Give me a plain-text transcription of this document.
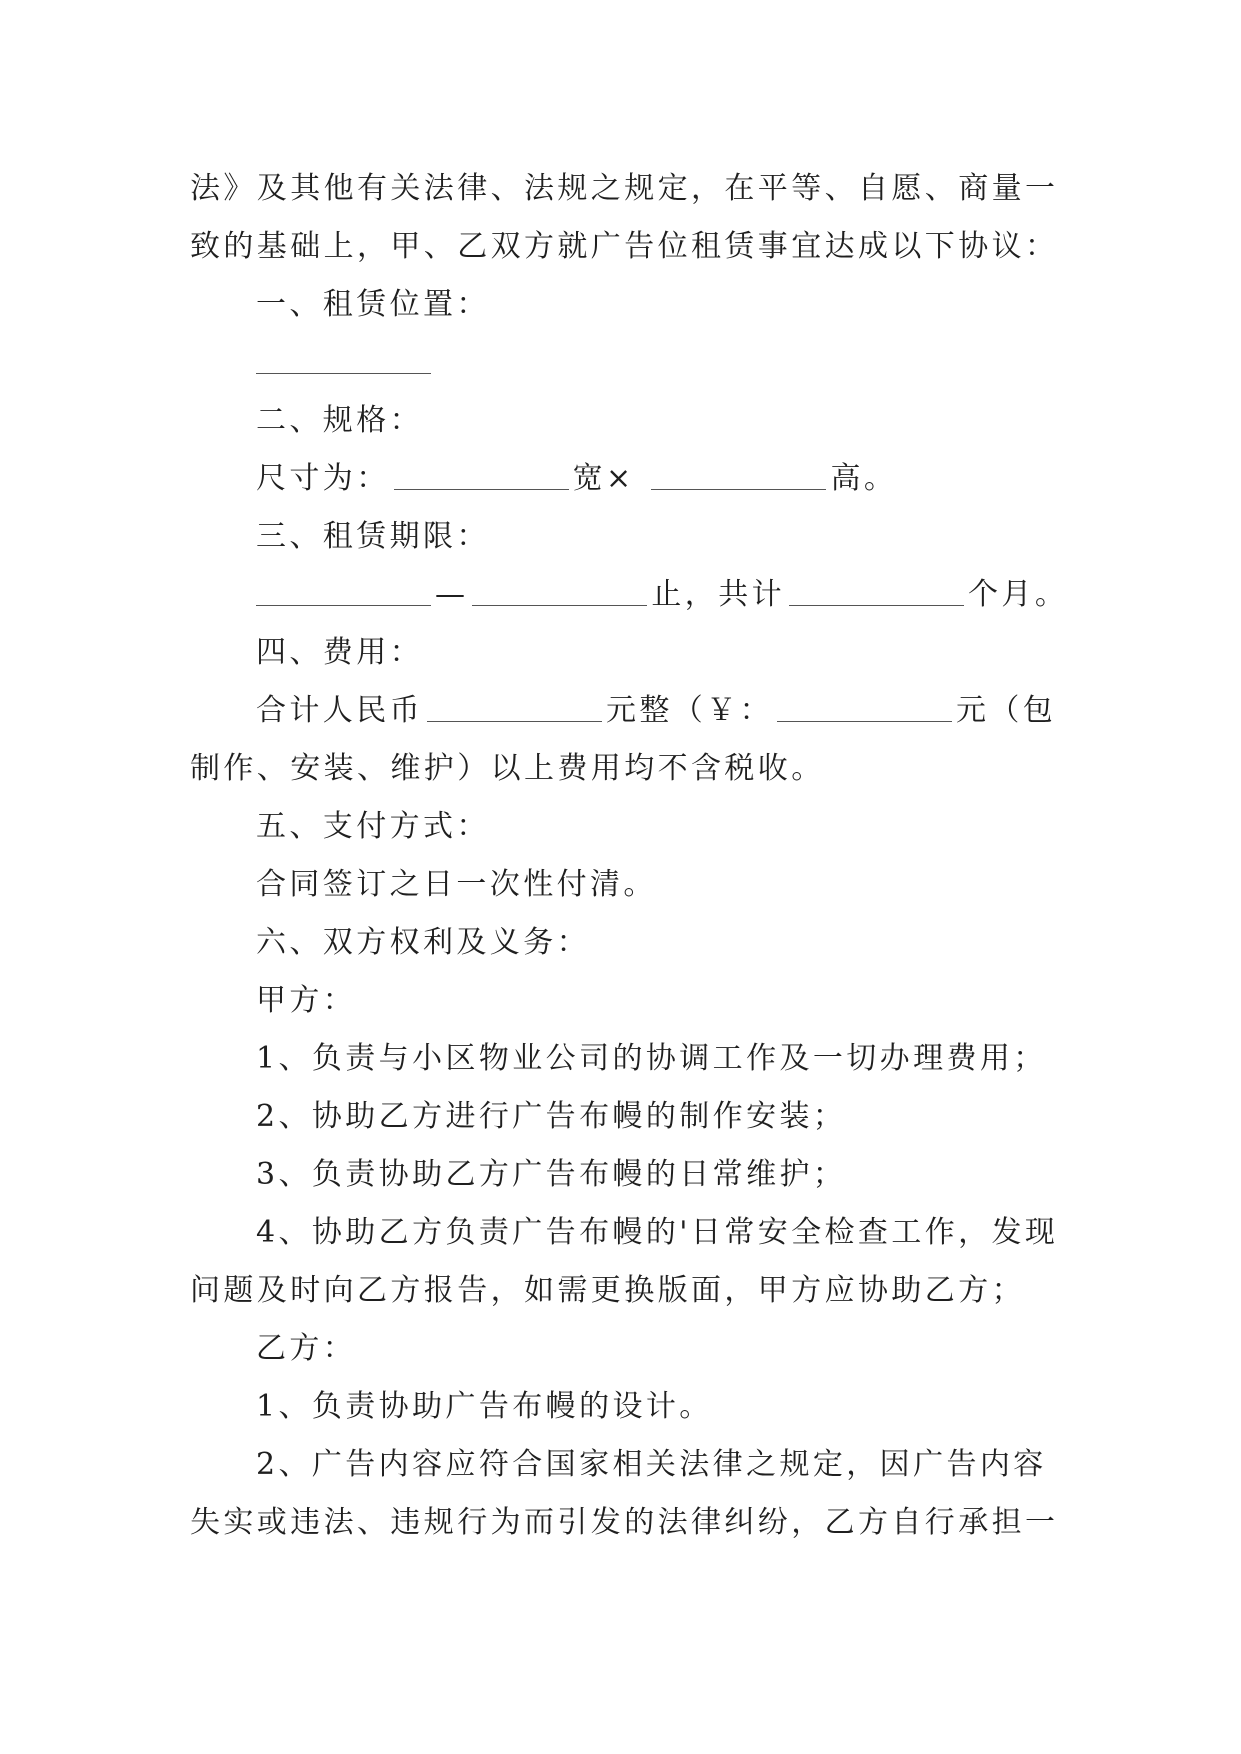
法》及其他有关法律、法规之规定，在平等、自愿、商量一
致的基础上，甲、乙双方就广告位租赁事宜达成以下协议：
一、租赁位置：
二、规格：
尺寸为：	宽×	高。
三、租赁期限：
—	止，共计	个月。
四、费用：
合计人民币	元整（￥：	元（包
制作、安装、维护）以上费用均不含税收。
五、支付方式：
合同签订之日一次性付清。
六、双方权利及义务：
甲方：
1、负责与小区物业公司的协调工作及一切办理费用；
2、协助乙方进行广告布幔的制作安装；
3、负责协助乙方广告布幔的日常维护；
4、协助乙方负责广告布幔的'日常安全检查工作，发现
问题及时向乙方报告，如需更换版面，甲方应协助乙方；
乙方：
1、负责协助广告布幔的设计。
2、广告内容应符合国家相关法律之规定，因广告内容
失实或违法、违规行为而引发的法律纠纷，乙方自行承担一
